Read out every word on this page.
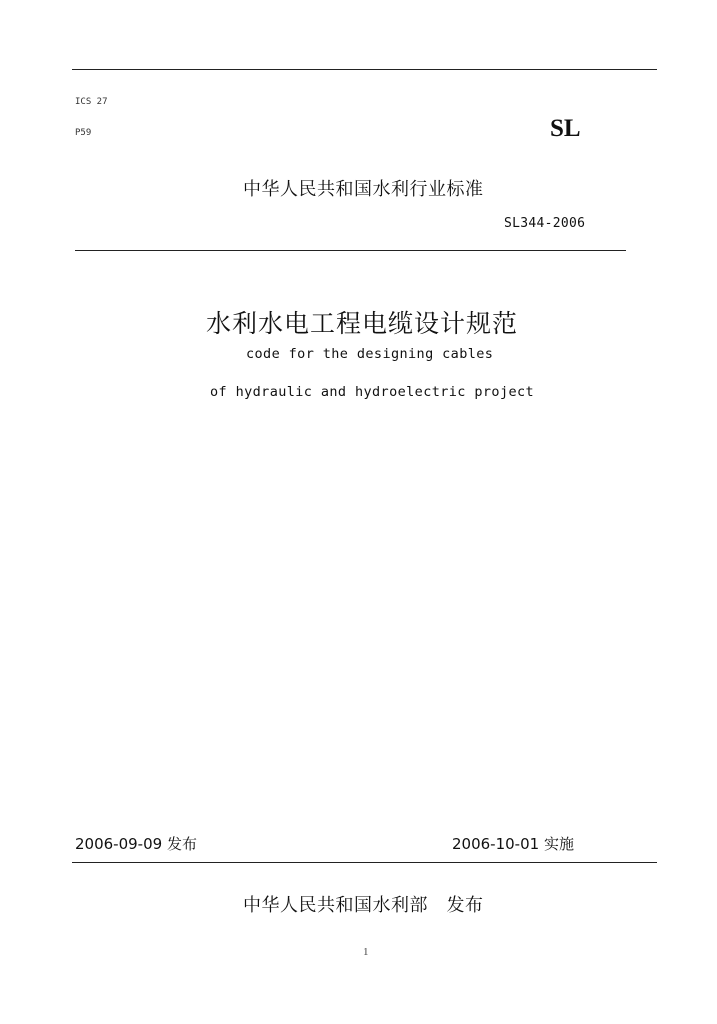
ICS 27
P59	SL
中华人民共和国水利行业标准
SL344-2006
水利水电工程电缆设计规范
code for the designing cables
of hydraulic and hydroelectric project
2006-09-09 发布	2006-10-01 实施
中华人民共和国水利部　发布
1
